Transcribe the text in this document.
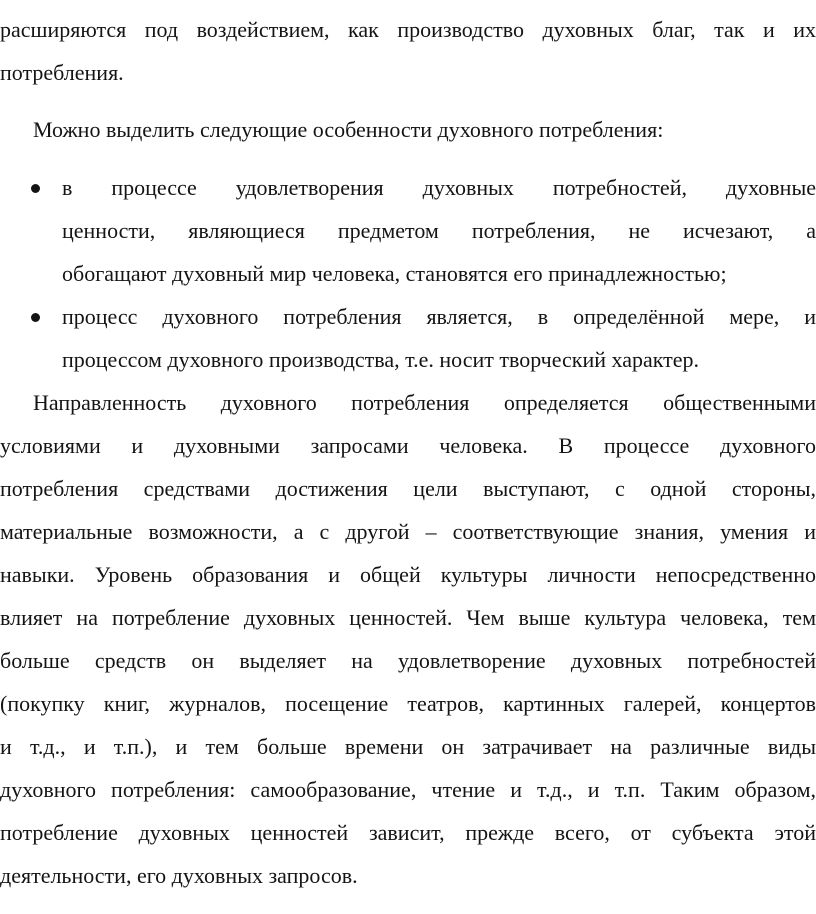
расширяются под воздействием, как производство духовных благ, так и их
потребления.
Можно выделить следующие особенности духовного потребления:
в процессе удовлетворения духовных потребностей, духовные
ценности, являющиеся предметом потребления, не исчезают, а
обогащают духовный мир человека, становятся его принадлежностью;
процесс духовного потребления является, в определённой мере, и
процессом духовного производства, т.е. носит творческий характер.
Направленность духовного потребления определяется общественными
условиями и духовными запросами человека. В процессе духовного
потребления средствами достижения цели выступают, с одной стороны,
материальные возможности, а с другой – соответствующие знания, умения и
навыки. Уровень образования и общей культуры личности непосредственно
влияет на потребление духовных ценностей. Чем выше культура человека, тем
больше средств он выделяет на удовлетворение духовных потребностей
(покупку книг, журналов, посещение театров, картинных галерей, концертов
и т.д., и т.п.), и тем больше времени он затрачивает на различные виды
духовного потребления: самообразование, чтение и т.д., и т.п. Таким образом,
потребление духовных ценностей зависит, прежде всего, от субъекта этой
деятельности, его духовных запросов.
